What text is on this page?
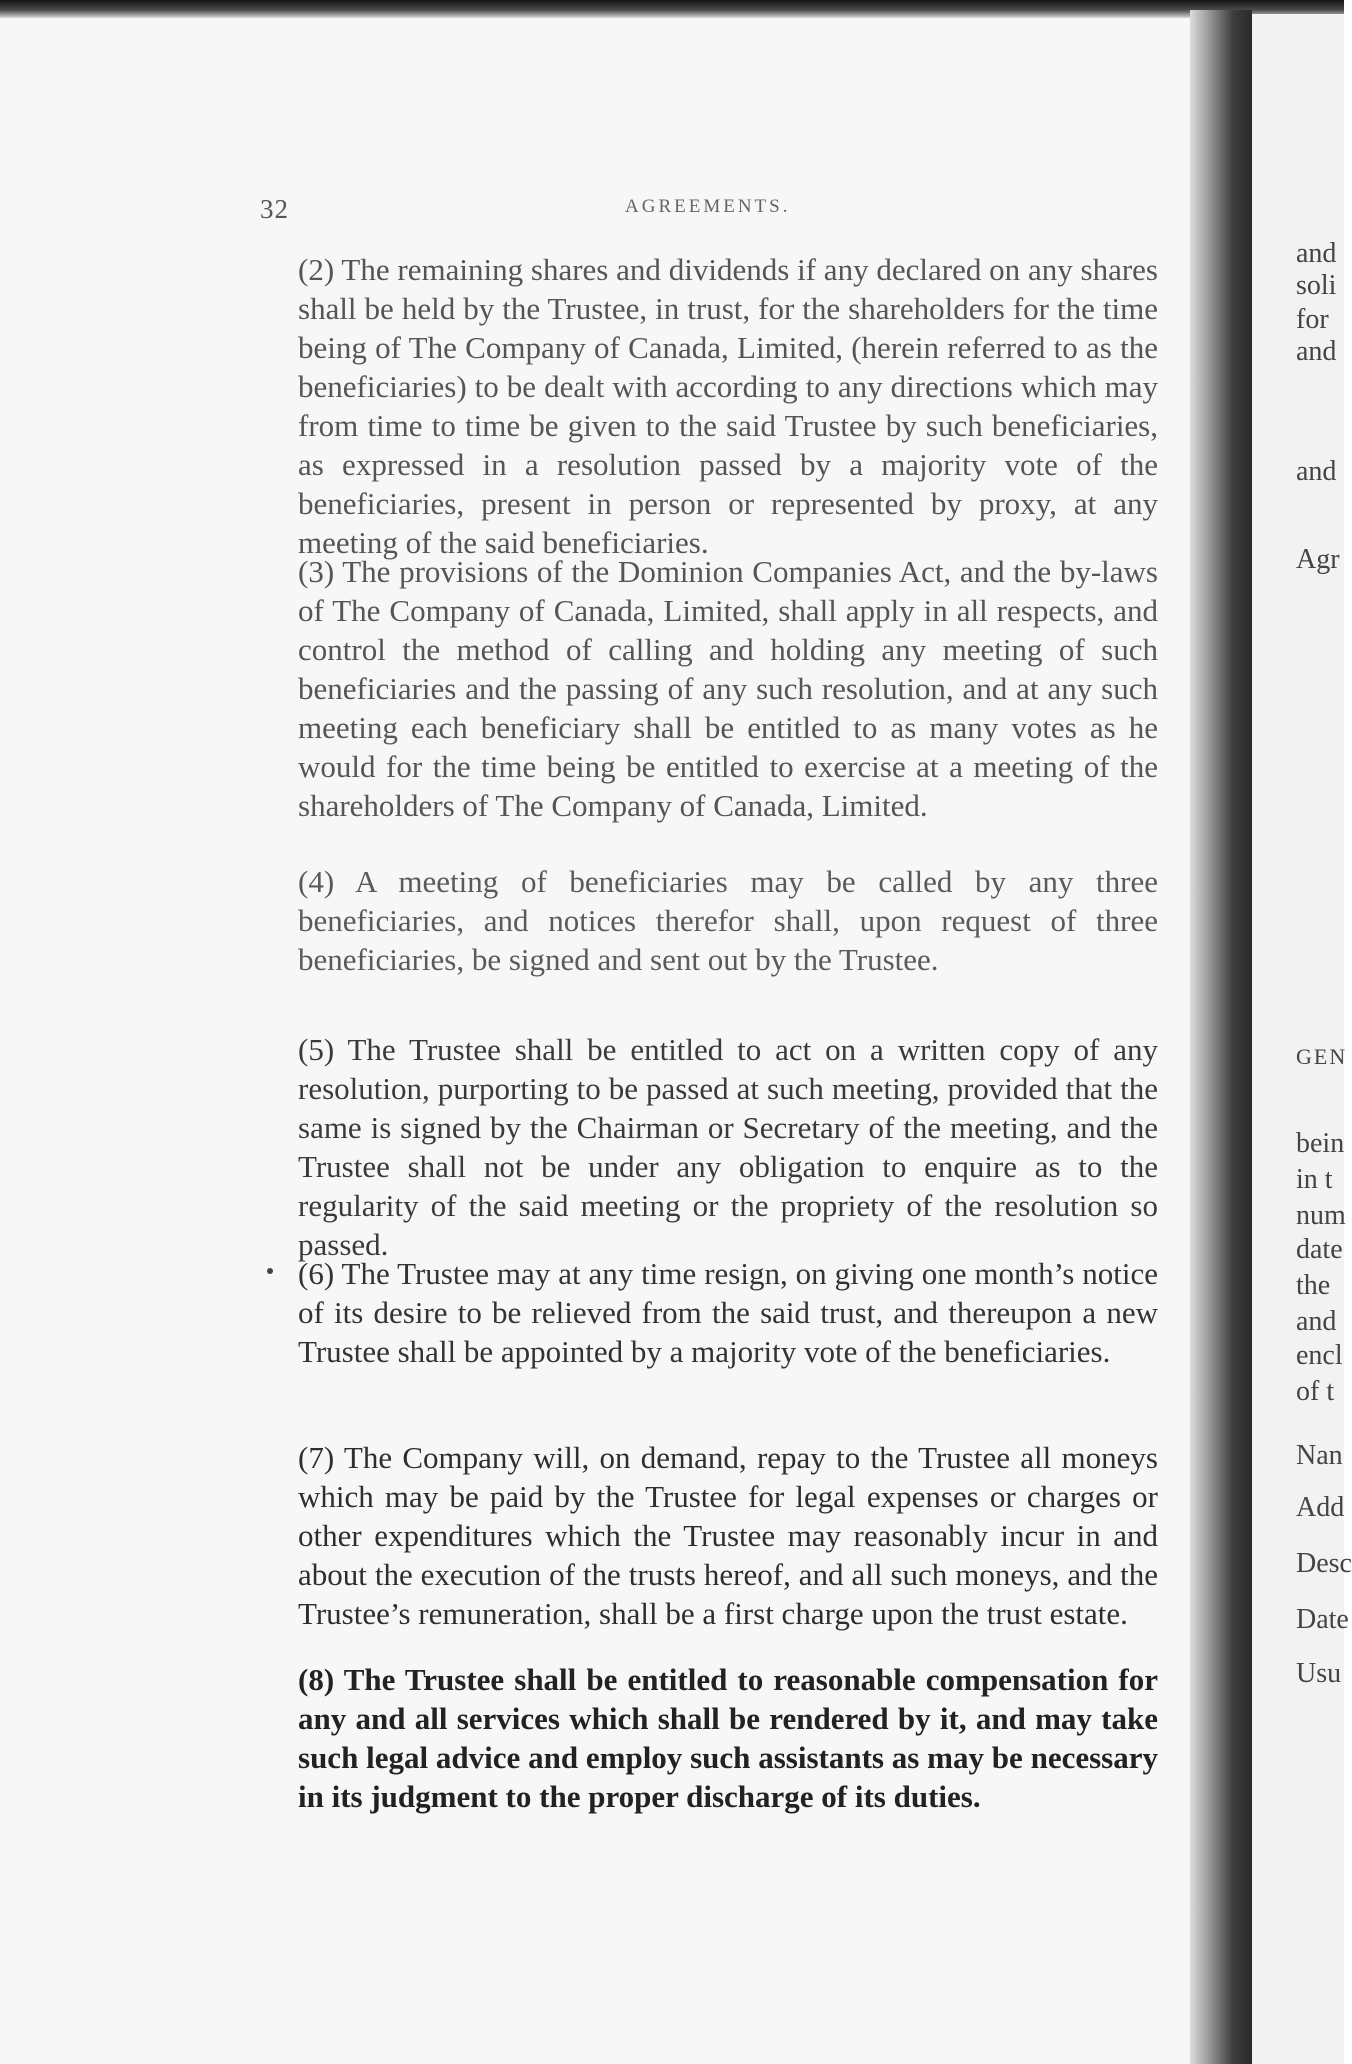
and
soli
for
and
and
Agr
GEN
bein
in t
num
date
the
and
encl
of t
Nan
Add
Desc
Date
Usu
32	AGREEMENTS.

(2) The remaining shares and dividends if any declared on any shares shall be held by the Trustee, in trust, for the shareholders for the time being of The Company of Canada, Limited, (herein referred to as the beneficiaries) to be dealt with according to any directions which may from time to time be given to the said Trustee by such beneficiaries, as expressed in a resolution passed by a majority vote of the beneficiaries, present in person or represented by proxy, at any meeting of the said beneficiaries.

(3) The provisions of the Dominion Companies Act, and the by-laws of The Company of Canada, Limited, shall apply in all respects, and control the method of calling and holding any meeting of such beneficiaries and the passing of any such resolution, and at any such meeting each beneficiary shall be entitled to as many votes as he would for the time being be entitled to exercise at a meeting of the shareholders of The Company of Canada, Limited.

(4) A meeting of beneficiaries may be called by any three beneficiaries, and notices therefor shall, upon request of three beneficiaries, be signed and sent out by the Trustee.

(5) The Trustee shall be entitled to act on a written copy of any resolution, purporting to be passed at such meeting, provided that the same is signed by the Chairman or Secretary of the meeting, and the Trustee shall not be under any obligation to enquire as to the regularity of the said meeting or the propriety of the resolution so passed.

(6) The Trustee may at any time resign, on giving one month’s notice of its desire to be relieved from the said trust, and thereupon a new Trustee shall be appointed by a majority vote of the beneficiaries.

(7) The Company will, on demand, repay to the Trustee all moneys which may be paid by the Trustee for legal expenses or charges or other expenditures which the Trustee may reasonably incur in and about the execution of the trusts hereof, and all such moneys, and the Trustee’s remuneration, shall be a first charge upon the trust estate.

(8) The Trustee shall be entitled to reasonable compensation for any and all services which shall be rendered by it, and may take such legal advice and employ such assistants as may be necessary in its judgment to the proper discharge of its duties.
